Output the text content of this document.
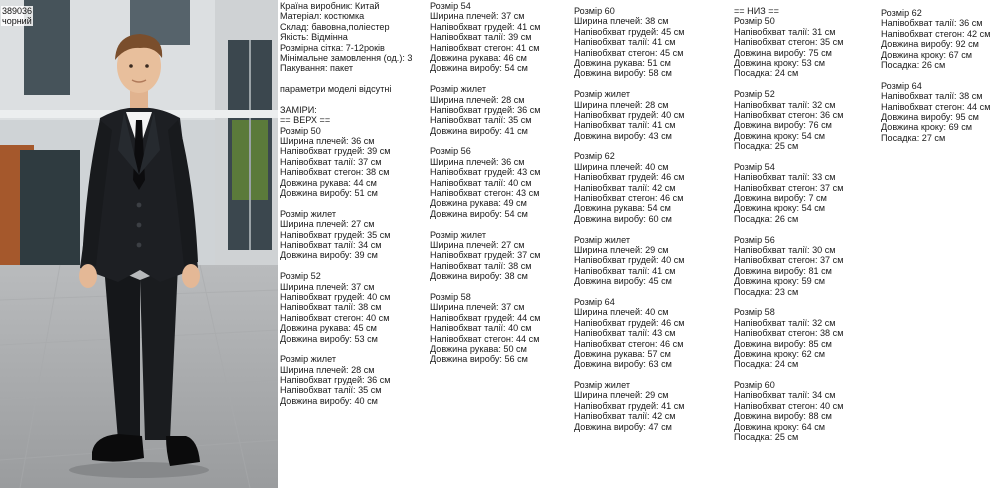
389036
чорний
Країна виробник: Китай
Матеріал: костюмка
Склад: бавовна,поліестер
Якість: Відмінна
Розмірна сітка: 7-12років
Мінімальне замовлення (од.): 3
Пакування: пакет
параметри моделі відсутні
ЗАМІРИ:
== ВЕРХ ==
Розмір 50
Ширина плечей: 36 см
Напівобхват грудей: 39 см
Напівобхват талії: 37 см
Напівобхват стегон: 38 см
Довжина рукава: 44 см
Довжина виробу: 51 см
Розмір жилет
Ширина плечей: 27 см
Напівобхват грудей: 35 см
Напівобхват талії: 34 см
Довжина виробу: 39 см
Розмір 52
Ширина плечей: 37 см
Напівобхват грудей: 40 см
Напівобхват талії: 38 см
Напівобхват стегон: 40 см
Довжина рукава: 45 см
Довжина виробу: 53 см
Розмір жилет
Ширина плечей: 28 см
Напівобхват грудей: 36 см
Напівобхват талії: 35 см
Довжина виробу: 40 см
Розмір 54
Ширина плечей: 37 см
Напівобхват грудей: 41 см
Напівобхват талії: 39 см
Напівобхват стегон: 41 см
Довжина рукава: 46 см
Довжина виробу: 54 см
Розмір жилет
Ширина плечей: 28 см
Напівобхват грудей: 36 см
Напівобхват талії: 35 см
Довжина виробу: 41 см
Розмір 56
Ширина плечей: 36 см
Напівобхват грудей: 43 см
Напівобхват талії: 40 см
Напівобхват стегон: 43 см
Довжина рукава: 49 см
Довжина виробу: 54 см
Розмір жилет
Ширина плечей: 27 см
Напівобхват грудей: 37 см
Напівобхват талії: 38 см
Довжина виробу: 38 см
Розмір 58
Ширина плечей: 37 см
Напівобхват грудей: 44 см
Напівобхват талії: 40 см
Напівобхват стегон: 44 см
Довжина рукава: 50 см
Довжина виробу: 56 см
Розмір 60
Ширина плечей: 38 см
Напівобхват грудей: 45 см
Напівобхват талії: 41 см
Напівобхват стегон: 45 см
Довжина рукава: 51 см
Довжина виробу: 58 см
Розмір жилет
Ширина плечей: 28 см
Напівобхват грудей: 40 см
Напівобхват талії: 41 см
Довжина виробу: 43 см
Розмір 62
Ширина плечей: 40 см
Напівобхват грудей: 46 см
Напівобхват талії: 42 см
Напівобхват стегон: 46 см
Довжина рукава: 54 см
Довжина виробу: 60 см
Розмір жилет
Ширина плечей: 29 см
Напівобхват грудей: 40 см
Напівобхват талії: 41 см
Довжина виробу: 45 см
Розмір 64
Ширина плечей: 40 см
Напівобхват грудей: 46 см
Напівобхват талії: 43 см
Напівобхват стегон: 46 см
Довжина рукава: 57 см
Довжина виробу: 63 см
Розмір жилет
Ширина плечей: 29 см
Напівобхват грудей: 41 см
Напівобхват талії: 42 см
Довжина виробу: 47 см
== НИЗ ==
Розмір 50
Напівобхват талії: 31 см
Напівобхват стегон: 35 см
Довжина виробу: 75 см
Довжина кроку: 53 см
Посадка: 24 см
Розмір 52
Напівобхват талії: 32 см
Напівобхват стегон: 36 см
Довжина виробу: 76 см
Довжина кроку: 54 см
Посадка: 25 см
Розмір 54
Напівобхват талії: 33 см
Напівобхват стегон: 37 см
Довжина виробу: 7 см
Довжина кроку: 54 см
Посадка: 26 см
Розмір 56
Напівобхват талії: 30 см
Напівобхват стегон: 37 см
Довжина виробу: 81 см
Довжина кроку: 59 см
Посадка: 23 см
Розмір 58
Напівобхват талії: 32 см
Напівобхват стегон: 38 см
Довжина виробу: 85 см
Довжина кроку: 62 см
Посадка: 24 см
Розмір 60
Напівобхват талії: 34 см
Напівобхват стегон: 40 см
Довжина виробу: 88 см
Довжина кроку: 64 см
Посадка: 25 см
Розмір 62
Напівобхват талії: 36 см
Напівобхват стегон: 42 см
Довжина виробу: 92 см
Довжина кроку: 67 см
Посадка: 26 см
Розмір 64
Напівобхват талії: 38 см
Напівобхват стегон: 44 см
Довжина виробу: 95 см
Довжина кроку: 69 см
Посадка: 27 см
